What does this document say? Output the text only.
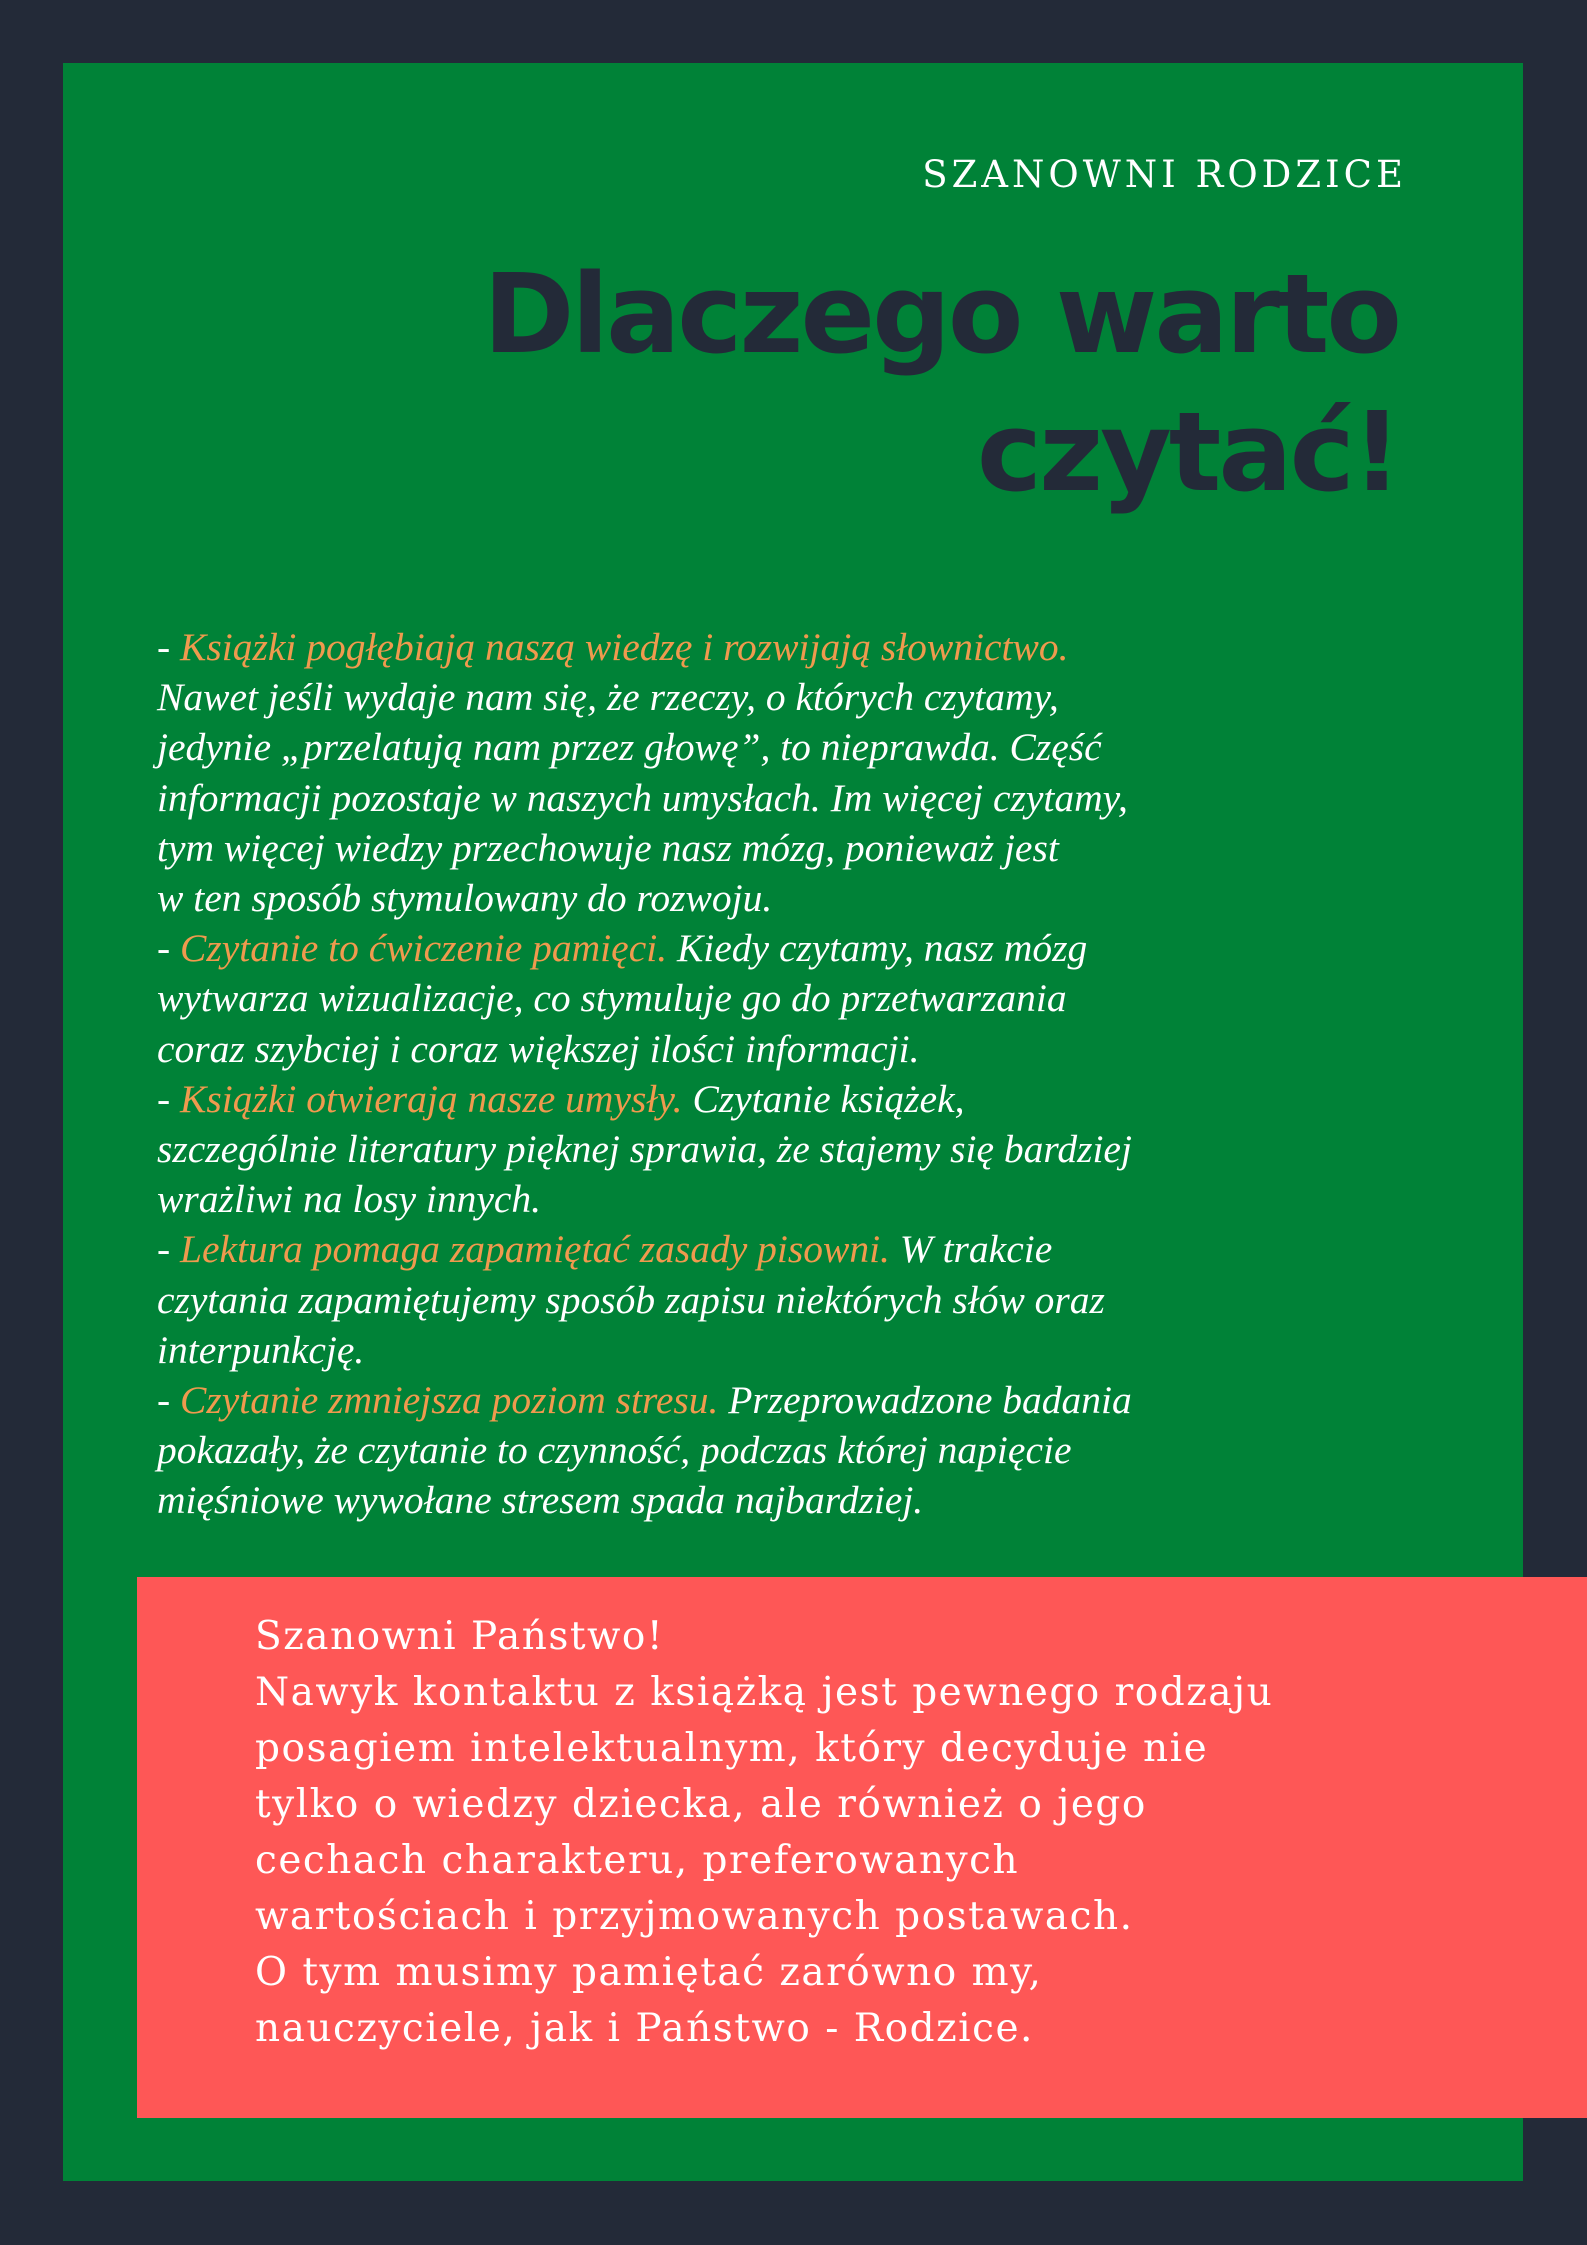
SZANOWNI RODZICE
Dlaczego warto
czytać!
- Książki pogłębiają naszą wiedzę i rozwijają słownictwo.
Nawet jeśli wydaje nam się, że rzeczy, o których czytamy,
jedynie „przelatują nam przez głowę”, to nieprawda. Część
informacji pozostaje w naszych umysłach. Im więcej czytamy,
tym więcej wiedzy przechowuje nasz mózg, ponieważ jest
w ten sposób stymulowany do rozwoju.
- Czytanie to ćwiczenie pamięci. Kiedy czytamy, nasz mózg
wytwarza wizualizacje, co stymuluje go do przetwarzania
coraz szybciej i coraz większej ilości informacji.
- Książki otwierają nasze umysły. Czytanie książek,
szczególnie literatury pięknej sprawia, że stajemy się bardziej
wrażliwi na losy innych.
- Lektura pomaga zapamiętać zasady pisowni. W trakcie
czytania zapamiętujemy sposób zapisu niektórych słów oraz
interpunkcję.
- Czytanie zmniejsza poziom stresu. Przeprowadzone badania
pokazały, że czytanie to czynność, podczas której napięcie
mięśniowe wywołane stresem spada najbardziej.

Szanowni Państwo!
Nawyk kontaktu z książką jest pewnego rodzaju
posagiem intelektualnym, który decyduje nie
tylko o wiedzy dziecka, ale również o jego
cechach charakteru, preferowanych
wartościach i przyjmowanych postawach.
O tym musimy pamiętać zarówno my,
nauczyciele, jak i Państwo - Rodzice.
